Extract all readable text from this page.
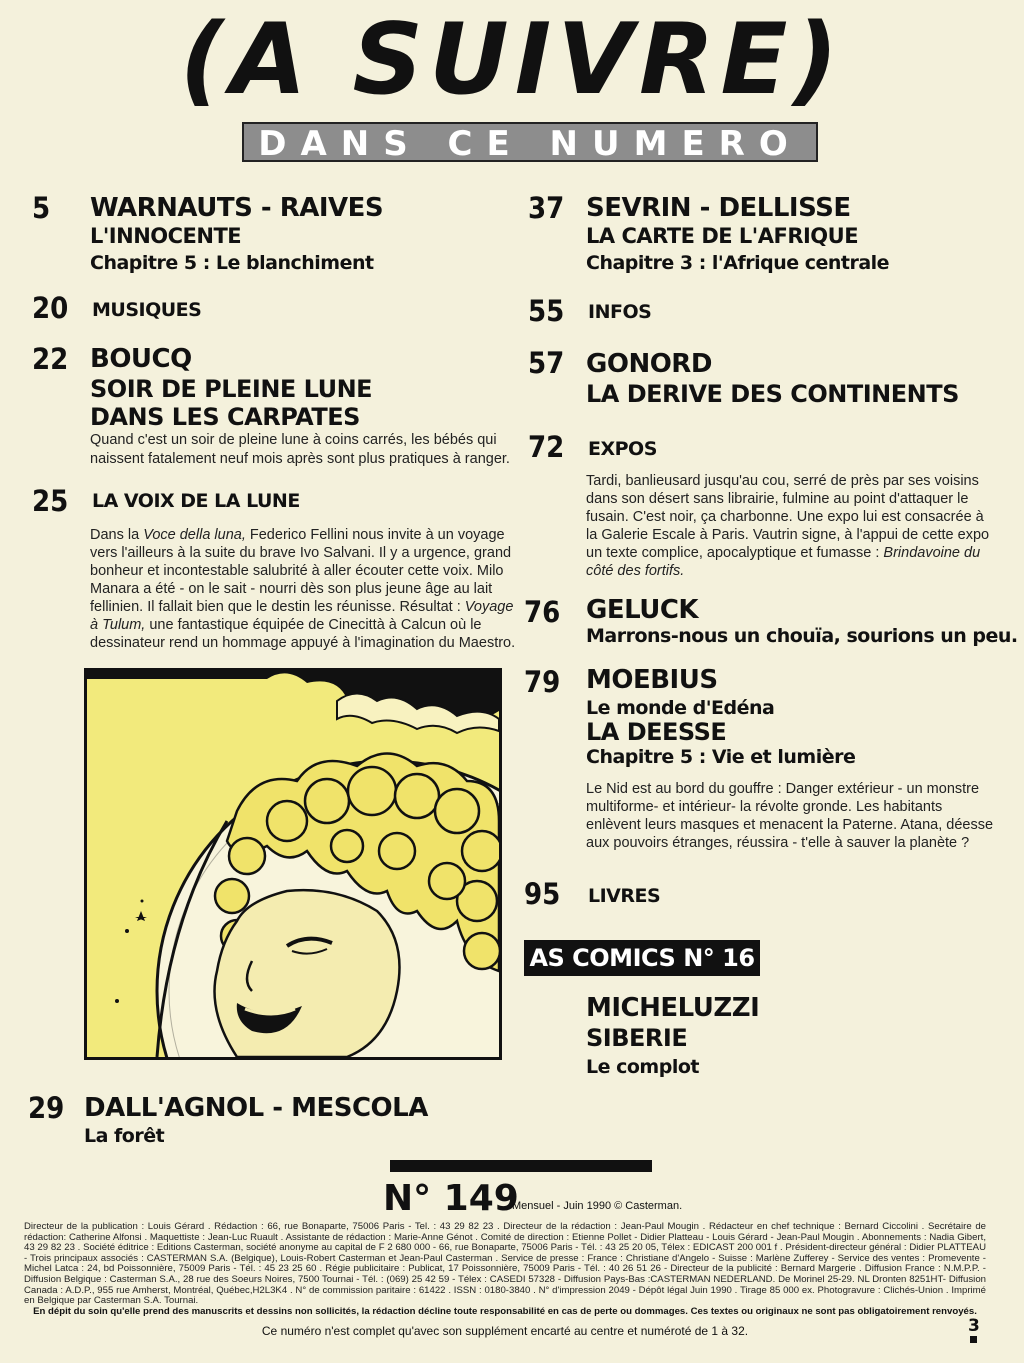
(A SUIVRE)
DANS CE NUMERO
5 WARNAUTS - RAIVES
L'INNOCENTE
Chapitre 5 : Le blanchiment
20 MUSIQUES
22 BOUCQ
SOIR DE PLEINE LUNE
DANS LES CARPATES
Quand c'est un soir de pleine lune à coins carrés, les bébés qui
naissent fatalement neuf mois après sont plus pratiques à ranger.
25 LA VOIX DE LA LUNE
Dans la Voce della luna, Federico Fellini nous invite à un voyage
vers l'ailleurs à la suite du brave Ivo Salvani. Il y a urgence, grand
bonheur et incontestable salubrité à aller écouter cette voix. Milo
Manara a été - on le sait - nourri dès son plus jeune âge au lait
fellinien. Il fallait bien que le destin les réunisse. Résultat : Voyage
à Tulum, une fantastique équipée de Cinecittà à Calcun où le
dessinateur rend un hommage appuyé à l'imagination du Maestro.
29 DALL'AGNOL - MESCOLA
La forêt
37 SEVRIN - DELLISSE
LA CARTE DE L'AFRIQUE
Chapitre 3 : l'Afrique centrale
55 INFOS
57 GONORD
LA DERIVE DES CONTINENTS
72 EXPOS
Tardi, banlieusard jusqu'au cou, serré de près par ses voisins
dans son désert sans librairie, fulmine au point d'attaquer le
fusain. C'est noir, ça charbonne. Une expo lui est consacrée à
la Galerie Escale à Paris. Vautrin signe, à l'appui de cette expo
un texte complice, apocalyptique et fumasse : Brindavoine du
côté des fortifs.
76 GELUCK
Marrons-nous un chouïa, sourions un peu.
79 MOEBIUS
Le monde d'Edéna
LA DEESSE
Chapitre 5 : Vie et lumière
Le Nid est au bord du gouffre : Danger extérieur - un monstre
multiforme- et intérieur- la révolte gronde. Les habitants
enlèvent leurs masques et menacent la Paterne. Atana, déesse
aux pouvoirs étranges, réussira - t'elle à sauver la planète ?
95 LIVRES
AS COMICS N° 16
MICHELUZZI
SIBERIE
Le complot
N° 149
Mensuel - Juin 1990 © Casterman.
Directeur de la publication : Louis Gérard . Rédaction : 66, rue Bonaparte, 75006 Paris - Tel. : 43 29 82 23 . Directeur de la rédaction : Jean-Paul Mougin . Rédacteur en chef technique : Bernard Ciccolini . Secrétaire de rédaction: Catherine Alfonsi . Maquettiste : Jean-Luc Ruault . Assistante de rédaction : Marie-Anne Génot . Comité de direction : Etienne Pollet - Didier Platteau - Louis Gérard - Jean-Paul Mougin . Abonnements : Nadia Gibert, 43 29 82 23 . Société éditrice : Editions Casterman, société anonyme au capital de F 2 680 000 - 66, rue Bonaparte, 75006 Paris - Tél. : 43 25 20 05, Télex : EDICAST 200 001 f . Président-directeur général : Didier PLATTEAU - Trois principaux associés : CASTERMAN S.A. (Belgique), Louis-Robert Casterman et Jean-Paul Casterman . Service de presse : France : Christiane d'Angelo - Suisse : Marlène Zufferey - Service des ventes : Promevente - Michel Latca : 24, bd Poissonnière, 75009 Paris - Tél. : 45 23 25 60 . Régie publicitaire : Publicat, 17 Poissonnière, 75009 Paris - Tél. : 40 26 51 26 - Directeur de la publicité : Bernard Margerie . Diffusion France : N.M.P.P. - Diffusion Belgique : Casterman S.A., 28 rue des Soeurs Noires, 7500 Tournai - Tél. : (069) 25 42 59 - Télex : CASEDI 57328 - Diffusion Pays-Bas :CASTERMAN NEDERLAND. De Morinel 25-29. NL Dronten 8251HT- Diffusion Canada : A.D.P., 955 rue Amherst, Montréal, Québec,H2L3K4 . N° de commission paritaire : 61422 . ISSN : 0180-3840 . N° d'impression 2049 - Dépôt légal Juin 1990 . Tirage 85 000 ex. Photogravure : Clichés-Union . Imprimé en Belgique par Casterman S.A. Tournai.
En dépit du soin qu'elle prend des manuscrits et dessins non sollicités, la rédaction décline toute responsabilité en cas de perte ou dommages. Ces textes ou originaux ne sont pas obligatoirement renvoyés.
Ce numéro n'est complet qu'avec son supplément encarté au centre et numéroté de 1 à 32.	3
